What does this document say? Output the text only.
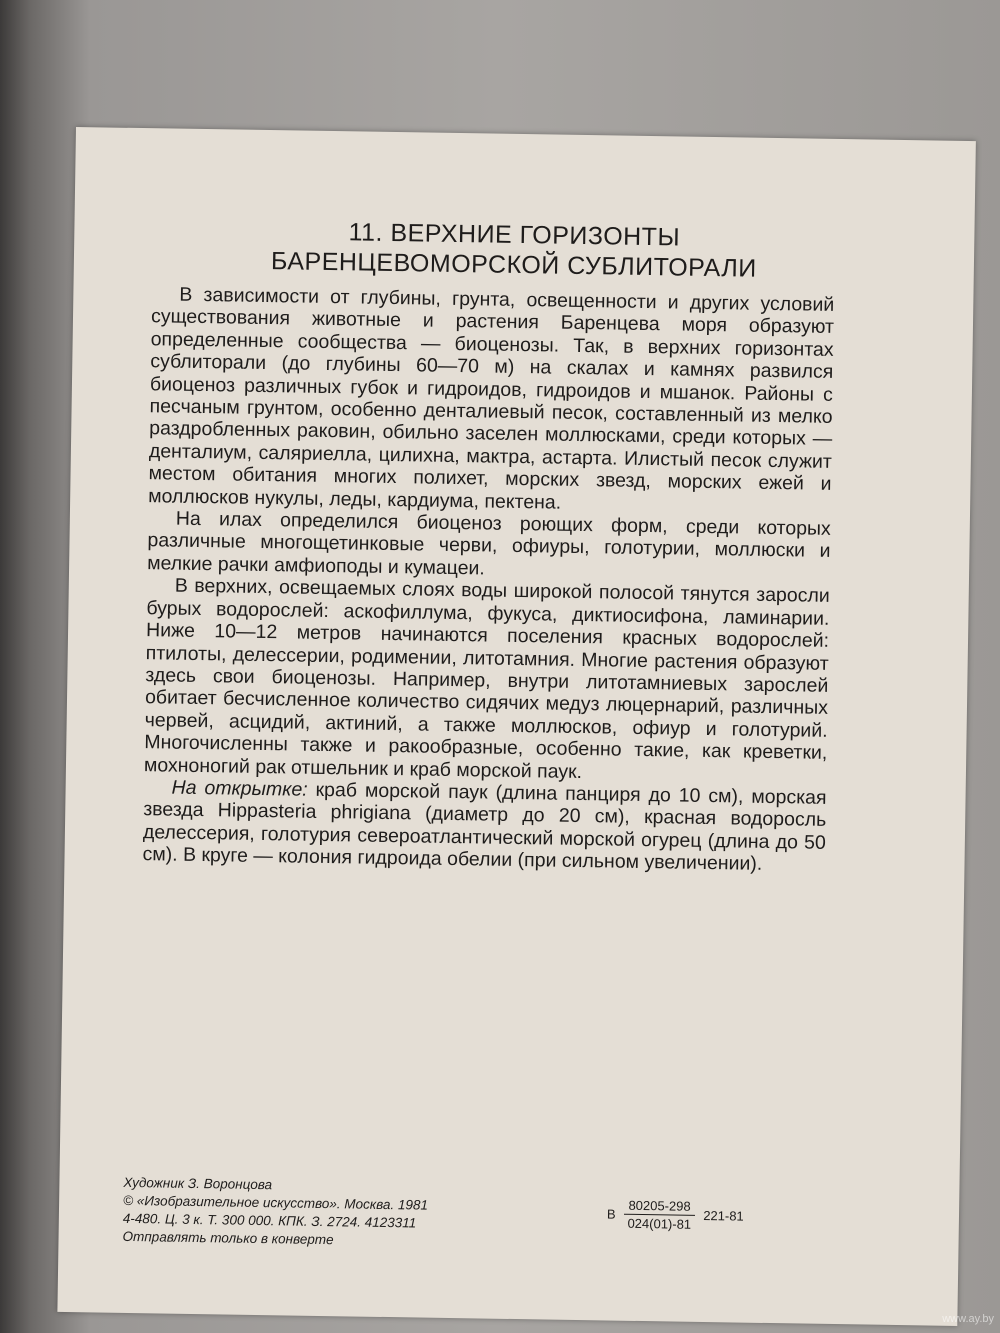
11. ВЕРХНИЕ ГОРИЗОНТЫ
БАРЕНЦЕВОМОРСКОЙ СУБЛИТОРАЛИ

В зависимости от глубины, грунта, освещенности и других условий существования животные и растения Баренцева моря образуют определенные сообщества — биоценозы. Так, в верхних горизонтах сублиторали (до глубины 60—70 м) на скалах и камнях развился биоценоз различных губок и гидроидов, гидроидов и мшанок. Районы с песчаным грунтом, особенно денталиевый песок, составленный из мелко раздробленных раковин, обильно заселен моллюсками, среди которых — денталиум, саляриелла, цилихна, мактра, астарта. Илистый песок служит местом обитания многих полихет, морских звезд, морских ежей и моллюсков нукулы, леды, кардиума, пектена.

На илах определился биоценоз роющих форм, среди которых различные многощетинковые черви, офиуры, голотурии, моллюски и мелкие рачки амфиоподы и кумацеи.

В верхних, освещаемых слоях воды широкой полосой тянутся заросли бурых водорослей: аскофиллума, фукуса, диктиосифона, ламинарии. Ниже 10—12 метров начинаются поселения красных водорослей: птилоты, делессерии, родимении, литотамния. Многие растения образуют здесь свои биоценозы. Например, внутри литотамниевых зарослей обитает бесчисленное количество сидячих медуз люцернарий, различных червей, асцидий, актиний, а также моллюсков, офиур и голотурий. Многочисленны также и ракообразные, особенно такие, как креветки, мохноногий рак отшельник и краб морской паук.

На открытке: краб морской паук (длина панциря до 10 см), морская звезда Hippasteria phrigiana (диаметр до 20 см), красная водоросль делессерия, голотурия североатлантический морской огурец (длина до 50 см). В круге — колония гидроида обелии (при сильном увеличении).

Художник З. Воронцова
© «Изобразительное искусство». Москва. 1981
4-480. Ц. 3 к. Т. 300 000. КПК. З. 2724. 4123311
Отправлять только в конверте
В $\frac{80205-298}{024(01)-81} 221-81$
www.ay.by
